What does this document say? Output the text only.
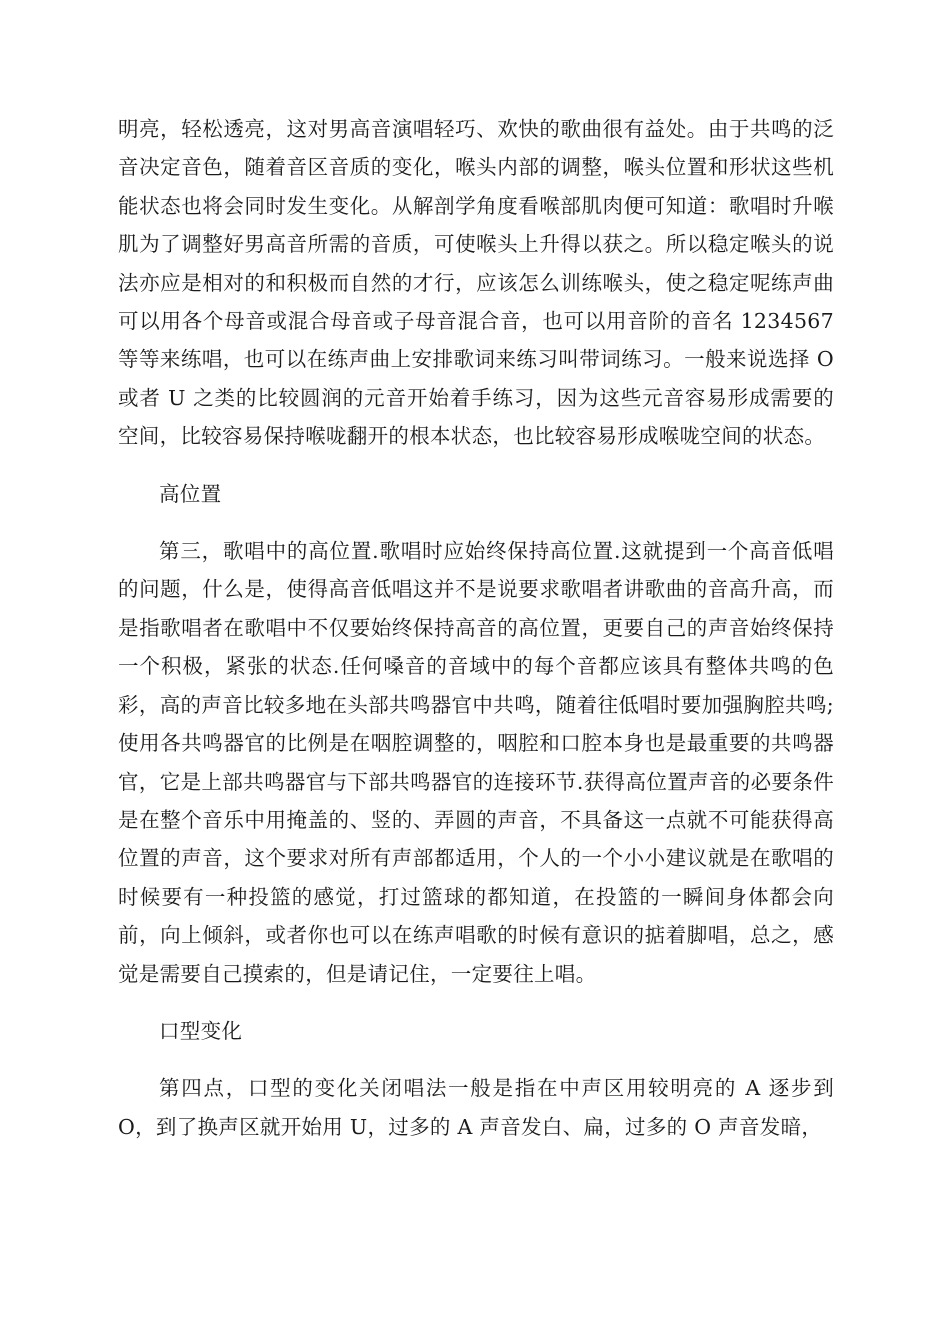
明亮，轻松透亮，这对男高音演唱轻巧、欢快的歌曲很有益处。由于共鸣的泛音决定音色，随着音区音质的变化，喉头内部的调整，喉头位置和形状这些机能状态也将会同时发生变化。从解剖学角度看喉部肌肉便可知道：歌唱时升喉肌为了调整好男高音所需的音质，可使喉头上升得以获之。所以稳定喉头的说法亦应是相对的和积极而自然的才行，应该怎么训练喉头，使之稳定呢练声曲可以用各个母音或混合母音或子母音混合音，也可以用音阶的音名 1234567 等等来练唱，也可以在练声曲上安排歌词来练习叫带词练习。一般来说选择 O 或者 U 之类的比较圆润的元音开始着手练习，因为这些元音容易形成需要的空间，比较容易保持喉咙翻开的根本状态，也比较容易形成喉咙空间的状态。

高位置

第三，歌唱中的高位置.歌唱时应始终保持高位置.这就提到一个高音低唱的问题，什么是，使得高音低唱这并不是说要求歌唱者讲歌曲的音高升高，而是指歌唱者在歌唱中不仅要始终保持高音的高位置，更要自己的声音始终保持一个积极，紧张的状态.任何嗓音的音域中的每个音都应该具有整体共鸣的色彩，高的声音比较多地在头部共鸣器官中共鸣，随着往低唱时要加强胸腔共鸣;使用各共鸣器官的比例是在咽腔调整的，咽腔和口腔本身也是最重要的共鸣器官，它是上部共鸣器官与下部共鸣器官的连接环节.获得高位置声音的必要条件是在整个音乐中用掩盖的、竖的、弄圆的声音，不具备这一点就不可能获得高位置的声音，这个要求对所有声部都适用，个人的一个小小建议就是在歌唱的时候要有一种投篮的感觉，打过篮球的都知道，在投篮的一瞬间身体都会向前，向上倾斜，或者你也可以在练声唱歌的时候有意识的掂着脚唱，总之，感觉是需要自己摸索的，但是请记住，一定要往上唱。

口型变化

第四点，口型的变化关闭唱法一般是指在中声区用较明亮的 A 逐步到 O，到了换声区就开始用 U，过多的 A 声音发白、扁，过多的 O 声音发暗，
